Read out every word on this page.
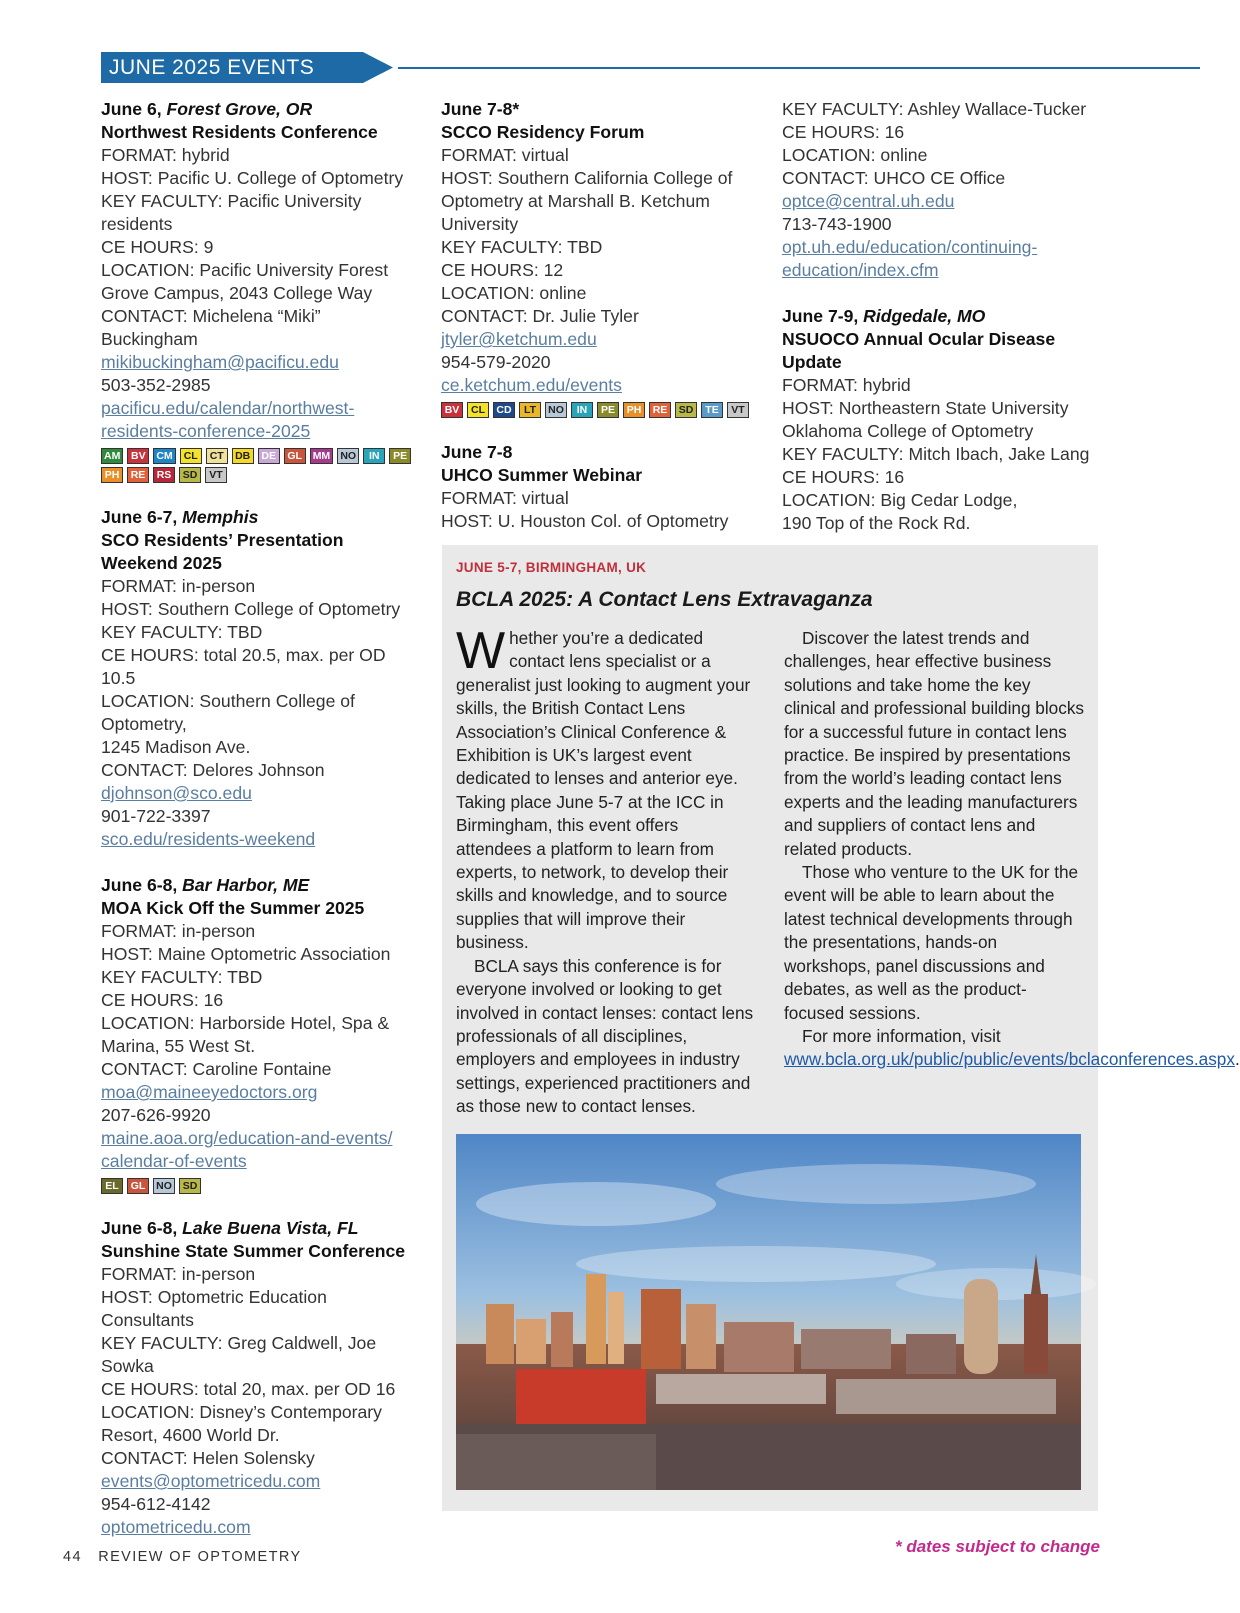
JUNE 2025 EVENTS
June 6, Forest Grove, OR
Northwest Residents Conference
FORMAT: hybrid
HOST: Pacific U. College of Optometry
KEY FACULTY: Pacific University
residents
CE HOURS: 9
LOCATION: Pacific University Forest
Grove Campus, 2043 College Way
CONTACT: Michelena “Miki”
Buckingham
mikibuckingham@pacificu.edu
503-352-2985
pacificu.edu/calendar/northwest-
residents-conference-2025
AM	BV	CM	CL	CT	DB	DE	GL	MM NO	IN	PE
PH	RE	RS	SD	VT
June 6-7, Memphis
SCO Residents’ Presentation
Weekend 2025
FORMAT: in-person
HOST: Southern College of Optometry
KEY FACULTY: TBD
CE HOURS: total 20.5, max. per OD 10.5
LOCATION: Southern College of
Optometry,
1245 Madison Ave.
CONTACT: Delores Johnson
djohnson@sco.edu
901-722-3397
sco.edu/residents-weekend
June 6-8, Bar Harbor, ME
MOA Kick Off the Summer 2025
FORMAT: in-person
HOST: Maine Optometric Association
KEY FACULTY: TBD
CE HOURS: 16
LOCATION: Harborside Hotel, Spa &
Marina, 55 West St.
CONTACT: Caroline Fontaine
moa@maineeyedoctors.org
207-626-9920
maine.aoa.org/education-and-events/
calendar-of-events
EL	GL	NO	SD
June 6-8, Lake Buena Vista, FL
Sunshine State Summer Conference
FORMAT: in-person
HOST: Optometric Education
Consultants
KEY FACULTY: Greg Caldwell, Joe
Sowka
CE HOURS: total 20, max. per OD 16
LOCATION: Disney’s Contemporary
Resort, 4600 World Dr.
CONTACT: Helen Solensky
events@optometricedu.com
954-612-4142
optometricedu.com
June 7-8*
SCCO Residency Forum
FORMAT: virtual
HOST: Southern California College of
Optometry at Marshall B. Ketchum
University
KEY FACULTY: TBD
CE HOURS: 12
LOCATION: online
CONTACT: Dr. Julie Tyler
jtyler@ketchum.edu
954-579-2020
ce.ketchum.edu/events
BV	CL	CD	LT	NO	IN	PE	PH	RE	SD	TE	VT
June 7-8
UHCO Summer Webinar
FORMAT: virtual
HOST: U. Houston Col. of Optometry
KEY FACULTY: Ashley Wallace-Tucker
CE HOURS: 16
LOCATION: online
CONTACT: UHCO CE Office
optce@central.uh.edu
713-743-1900
opt.uh.edu/education/continuing-
education/index.cfm
June 7-9, Ridgedale, MO
NSUOCO Annual Ocular Disease
Update
FORMAT: hybrid
HOST: Northeastern State University
Oklahoma College of Optometry
KEY FACULTY: Mitch Ibach, Jake Lang
CE HOURS: 16
LOCATION: Big Cedar Lodge,
190 Top of the Rock Rd.
JUNE 5-7, BIRMINGHAM, UK
BCLA 2025: A Contact Lens Extravaganza

Whether you’re a dedicated contact lens specialist or a generalist just looking to augment your skills, the British Contact Lens Association’s Clinical Conference & Exhibition is UK’s largest event dedicated to lenses and anterior eye. Taking place June 5-7 at the ICC in Birmingham, this event offers attendees a platform to learn from experts, to network, to develop their skills and knowledge, and to source supplies that will improve their business.

BCLA says this conference is for everyone involved or looking to get involved in contact lenses: contact lens professionals of all disciplines, employers and employees in industry settings, experienced practitioners and as those new to contact lenses.

Discover the latest trends and challenges, hear effective business solutions and take home the key clinical and professional building blocks for a successful future in contact lens practice. Be inspired by presentations from the world’s leading contact lens experts and the leading manufacturers and suppliers of contact lens and related products.

Those who venture to the UK for the event will be able to learn about the latest technical developments through the presentations, hands-on workshops, panel discussions and debates, as well as the product-focused sessions.

For more information, visit www.bcla.org.uk/public/public/events/bclaconferences.aspx.

44 REVIEW OF OPTOMETRY
* dates subject to change
